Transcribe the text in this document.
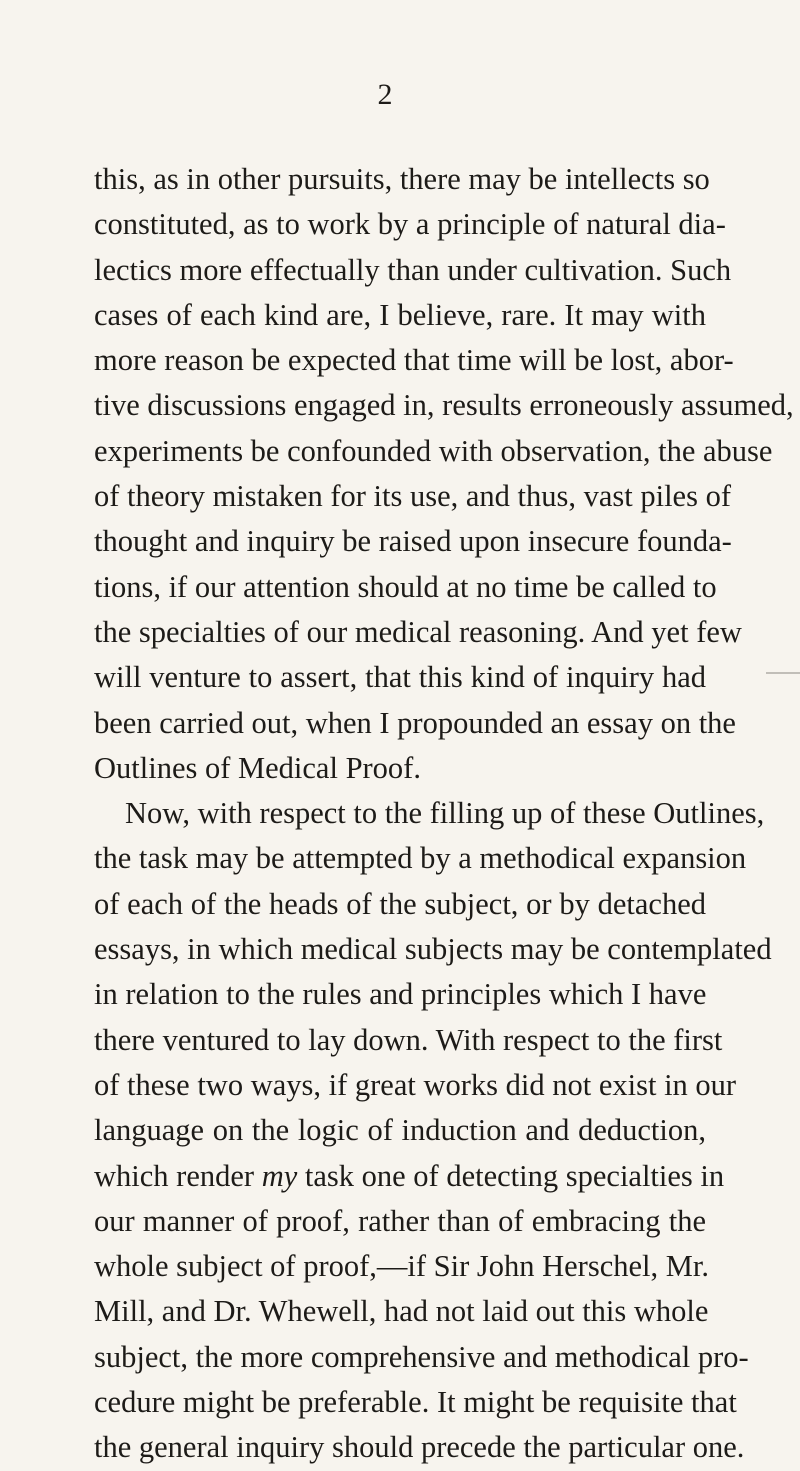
2
this, as in other pursuits, there may be intellects so
constituted, as to work by a principle of natural dia-
lectics more effectually than under cultivation. Such
cases of each kind are, I believe, rare. It may with
more reason be expected that time will be lost, abor-
tive discussions engaged in, results erroneously assumed,
experiments be confounded with observation, the abuse
of theory mistaken for its use, and thus, vast piles of
thought and inquiry be raised upon insecure founda-
tions, if our attention should at no time be called to
the specialties of our medical reasoning. And yet few
will venture to assert, that this kind of inquiry had
been carried out, when I propounded an essay on the
Outlines of Medical Proof.
Now, with respect to the filling up of these Outlines,
the task may be attempted by a methodical expansion
of each of the heads of the subject, or by detached
essays, in which medical subjects may be contemplated
in relation to the rules and principles which I have
there ventured to lay down. With respect to the first
of these two ways, if great works did not exist in our
language on the logic of induction and deduction,
which render my task one of detecting specialties in
our manner of proof, rather than of embracing the
whole subject of proof,—if Sir John Herschel, Mr.
Mill, and Dr. Whewell, had not laid out this whole
subject, the more comprehensive and methodical pro-
cedure might be preferable. It might be requisite that
the general inquiry should precede the particular one.
